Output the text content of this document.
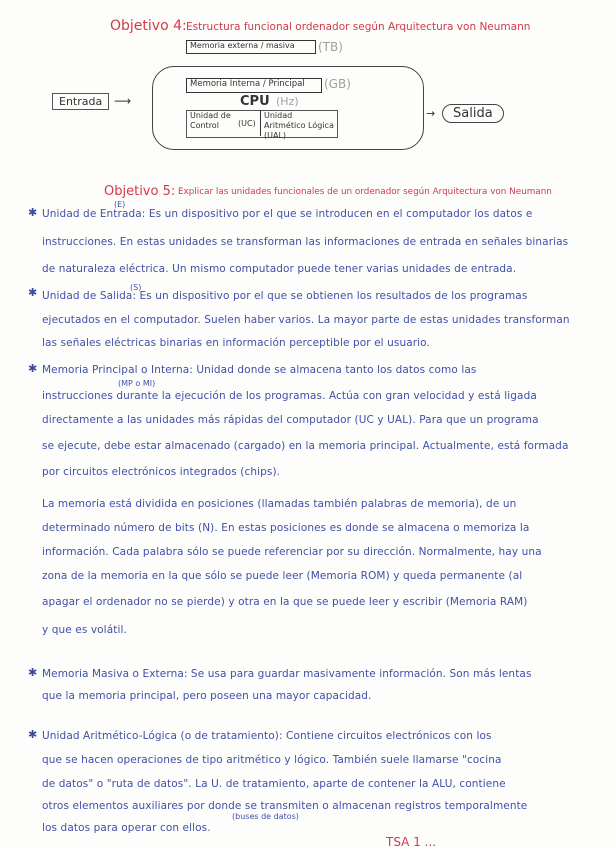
Objetivo 4: Estructura funcional ordenador según Arquitectura von Neumann
Memoria externa / masiva (TB)
Memoria Interna / Principal (GB)
CPU (Hz)
Unidad de Control	(UC)
Unidad Aritmético Lógica (UAL)
Entrada ⟶
→	Salida
Objetivo 5: Explicar las unidades funcionales de un ordenador según Arquitectura von Neumann
✱
(E)
Unidad de Entrada: Es un dispositivo por el que se introducen en el computador los datos e
instrucciones. En estas unidades se transforman las informaciones de entrada en señales binarias
de naturaleza eléctrica. Un mismo computador puede tener varias unidades de entrada.
✱	(S)
Unidad de Salida: Es un dispositivo por el que se obtienen los resultados de los programas
ejecutados en el computador. Suelen haber varios. La mayor parte de estas unidades transforman
las señales eléctricas binarias en información perceptible por el usuario.
✱
(MP o MI)
Memoria Principal o Interna: Unidad donde se almacena tanto los datos como las
instrucciones durante la ejecución de los programas. Actúa con gran velocidad y está ligada
directamente a las unidades más rápidas del computador (UC y UAL). Para que un programa
se ejecute, debe estar almacenado (cargado) en la memoria principal. Actualmente, está formada
por circuitos electrónicos integrados (chips).
La memoria está dividida en posiciones (llamadas también palabras de memoria), de un
determinado número de bits (N). En estas posiciones es donde se almacena o memoriza la
información. Cada palabra sólo se puede referenciar por su dirección. Normalmente, hay una
zona de la memoria en la que sólo se puede leer (Memoria ROM) y queda permanente (al
apagar el ordenador no se pierde) y otra en la que se puede leer y escribir (Memoria RAM)
y que es volátil.
✱ Memoria Masiva o Externa: Se usa para guardar masivamente información. Son más lentas
que la memoria principal, pero poseen una mayor capacidad.
✱ Unidad Aritmético-Lógica (o de tratamiento): Contiene circuitos electrónicos con los
que se hacen operaciones de tipo aritmético y lógico. También suele llamarse "cocina
de datos" o "ruta de datos". La U. de tratamiento, aparte de contener la ALU, contiene
otros elementos auxiliares por donde se transmiten o almacenan registros temporalmente
los datos para operar con ellos.
(buses de datos)
TSA 1 ...
